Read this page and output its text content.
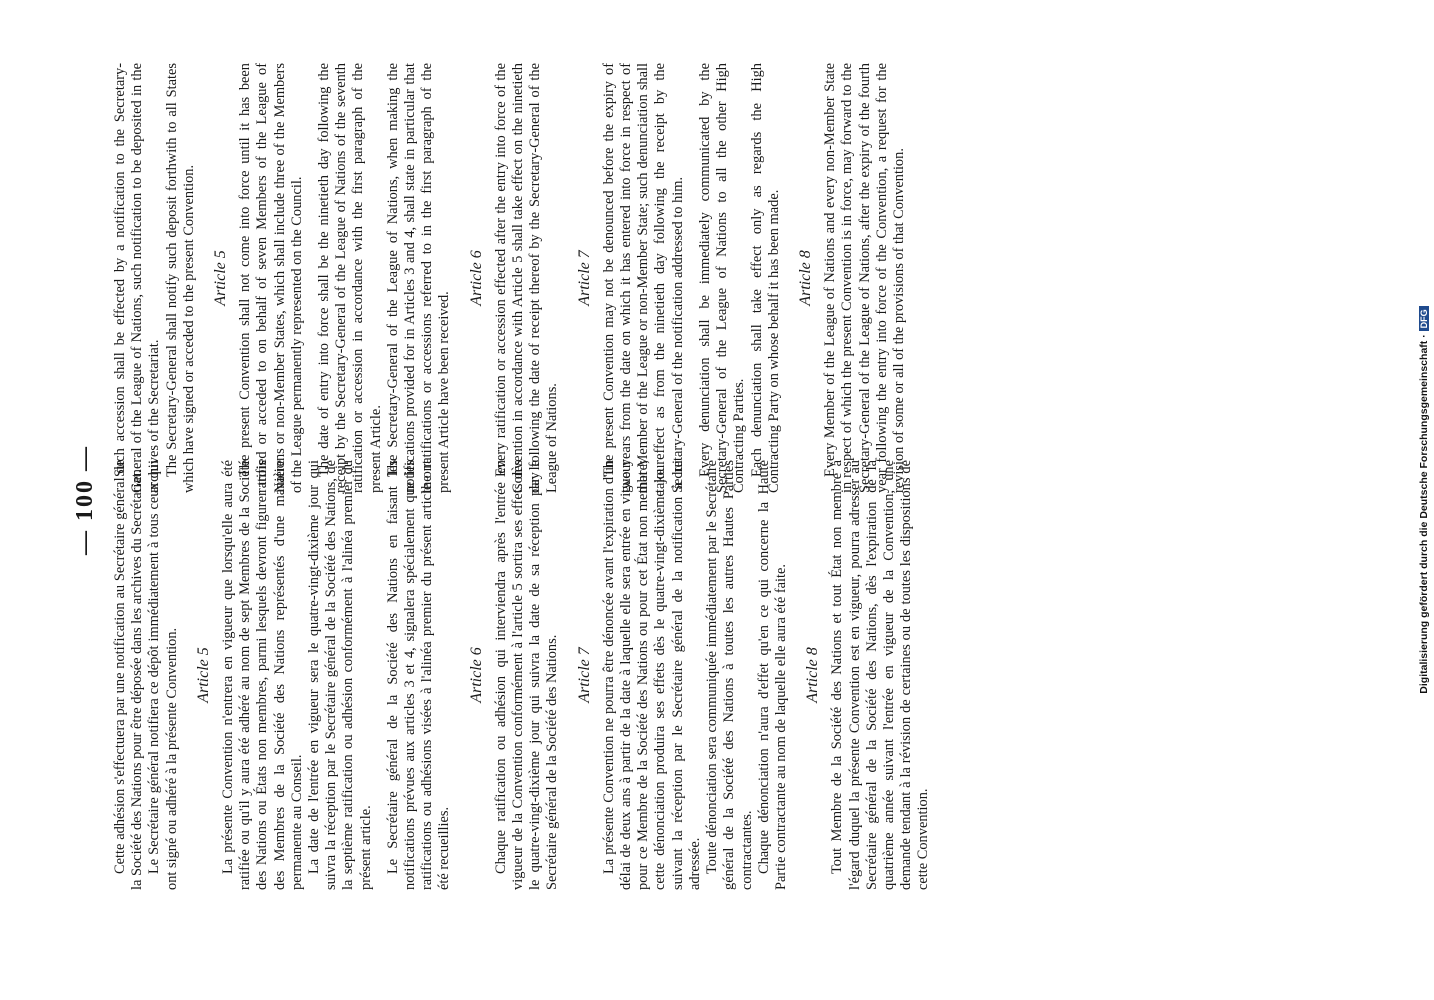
— 100 — Cette adhésion s'effectuera par une notification au Secrétaire général de la Société des Nations pour être déposée dans les archives du Secrétariat. Le Secrétaire général notifiera ce dépôt immédiatement à tous ceux qui ont signé ou adhéré à la présente Convention. Article 5 La présente Convention n'entrera en vigueur que lorsqu'elle aura été ratifiée ou qu'il y aura été adhéré au nom de sept Membres de la Société des Nations ou États non membres, parmi lesquels devront figurer trois des Membres de la Société des Nations représentés d'une manière permanente au Conseil. La date de l'entrée en vigueur sera le quatre-vingt-dixième jour qui suivra la réception par le Secrétaire général de la Société des Nations, de la septième ratification ou adhésion conformément à l'alinéa premier du présent article. Le Secrétaire général de la Société des Nations en faisant les notifications prévues aux articles 3 et 4, signalera spécialement que les ratifications ou adhésions visées à l'alinéa premier du présent article ont été recueillies.

Article 6 Chaque ratification ou adhésion qui interviendra après l'entrée en vigueur de la Convention conformément à l'article 5 sortira ses effets dès le quatre-vingt-dixième jour qui suivra la date de sa réception par le Secrétaire général de la Société des Nations. Article 7 La présente Convention ne pourra être dénoncée avant l'expiration d'un délai de deux ans à partir de la date à laquelle elle sera entrée en vigueur pour ce Membre de la Société des Nations ou pour cet État non membre; cette dénonciation produira ses effets dès le quatre-vingt-dixième jour suivant la réception par le Secrétaire général de la notification à lui adressée. Toute dénonciation sera communiquée immédiatement par le Secrétaire général de la Société des Nations à toutes les autres Hautes Parties contractantes. Chaque dénonciation n'aura d'effet qu'en ce qui concerne la Haute Partie contractante au nom de laquelle elle aura été faite. Article 8 Tout Membre de la Société des Nations et tout État non membre à l'égard duquel la présente Convention est en vigueur, pourra adresser au Secrétaire général de la Société des Nations, dès l'expiration de la quatrième année suivant l'entrée en vigueur de la Convention, une demande tendant à la révision de certaines ou de toutes les dispositions de cette Convention.

Such accession shall be effected by a notification to the Secretary-General of the League of Nations, such notification to be deposited in the archives of the Secretariat. The Secretary-General shall notify such deposit forthwith to all States which have signed or acceded to the present Convention. Article 5 The present Convention shall not come into force until it has been ratified or acceded to on behalf of seven Members of the League of Nations or non-Member States, which shall include three of the Members of the League permanently represented on the Council. The date of entry into force shall be the ninetieth day following the receipt by the Secretary-General of the League of Nations of the seventh ratification or accession in accordance with the first paragraph of the present Article. The Secretary-General of the League of Nations, when making the notifications provided for in Articles 3 and 4, shall state in particular that the ratifications or accessions referred to in the first paragraph of the present Article have been received.

Article 6 Every ratification or accession effected after the entry into force of the Convention in accordance with Article 5 shall take effect on the ninetieth day following the date of receipt thereof by the Secretary-General of the League of Nations.

Article 7 The present Convention may not be denounced before the expiry of two years from the date on which it has entered into force in respect of that Member of the League or non-Member State; such denunciation shall take effect as from the ninetieth day following the receipt by the Secretary-General of the notification addressed to him. Every denunciation shall be immediately communicated by the Secretary-General of the League of Nations to all the other High Contracting Parties. Each denunciation shall take effect only as regards the High Contracting Party on whose behalf it has been made. Article 8 Every Member of the League of Nations and every non-Member State in respect of which the present Convention is in force, may forward to the Secretary-General of the League of Nations, after the expiry of the fourth year following the entry into force of the Convention, a request for the revision of some or all of the provisions of that Convention.

Digitalisierung gefördert durch die Deutsche Forschungsgemeinschaft ·DFG
